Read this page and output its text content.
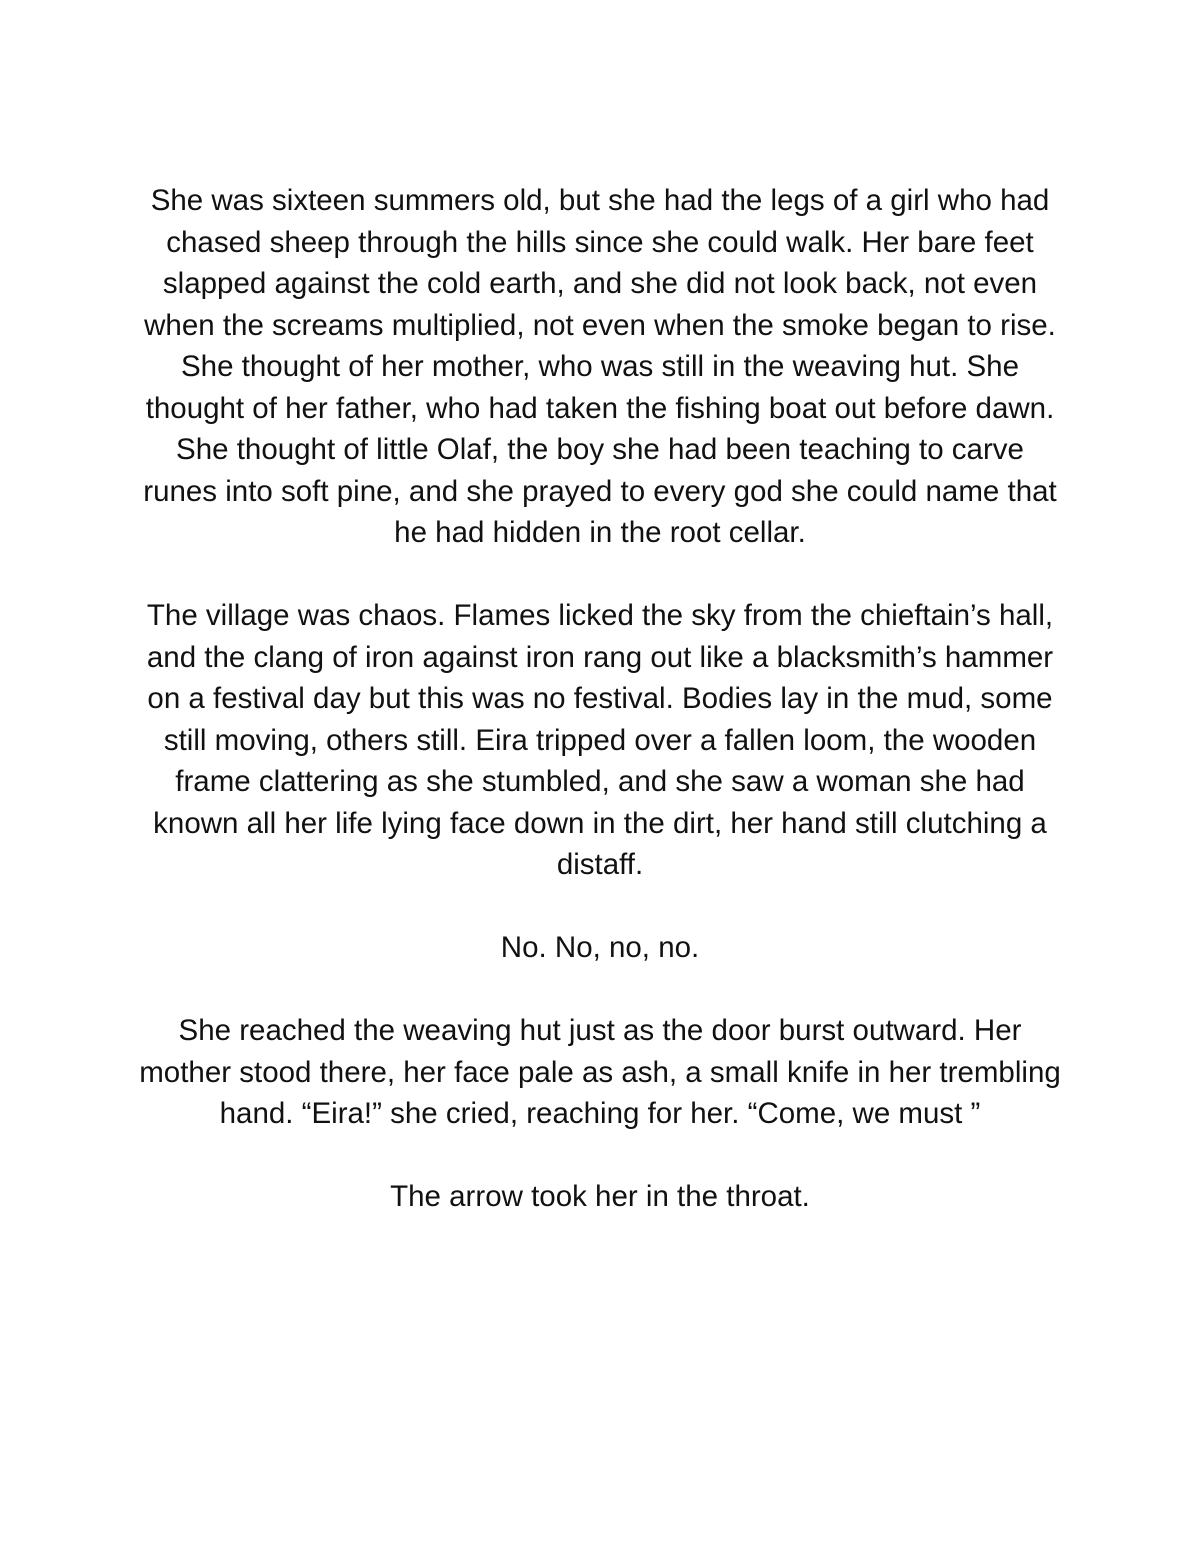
She was sixteen summers old, but she had the legs of a girl who had chased sheep through the hills since she could walk. Her bare feet slapped against the cold earth, and she did not look back, not even when the screams multiplied, not even when the smoke began to rise. She thought of her mother, who was still in the weaving hut. She thought of her father, who had taken the fishing boat out before dawn. She thought of little Olaf, the boy she had been teaching to carve runes into soft pine, and she prayed to every god she could name that he had hidden in the root cellar.

The village was chaos. Flames licked the sky from the chieftain’s hall, and the clang of iron against iron rang out like a blacksmith’s hammer on a festival day but this was no festival. Bodies lay in the mud, some still moving, others still. Eira tripped over a fallen loom, the wooden frame clattering as she stumbled, and she saw a woman she had known all her life lying face down in the dirt, her hand still clutching a distaff.

No. No, no, no.

She reached the weaving hut just as the door burst outward. Her mother stood there, her face pale as ash, a small knife in her trembling hand. “Eira!” she cried, reaching for her. “Come, we must ”

The arrow took her in the throat.
